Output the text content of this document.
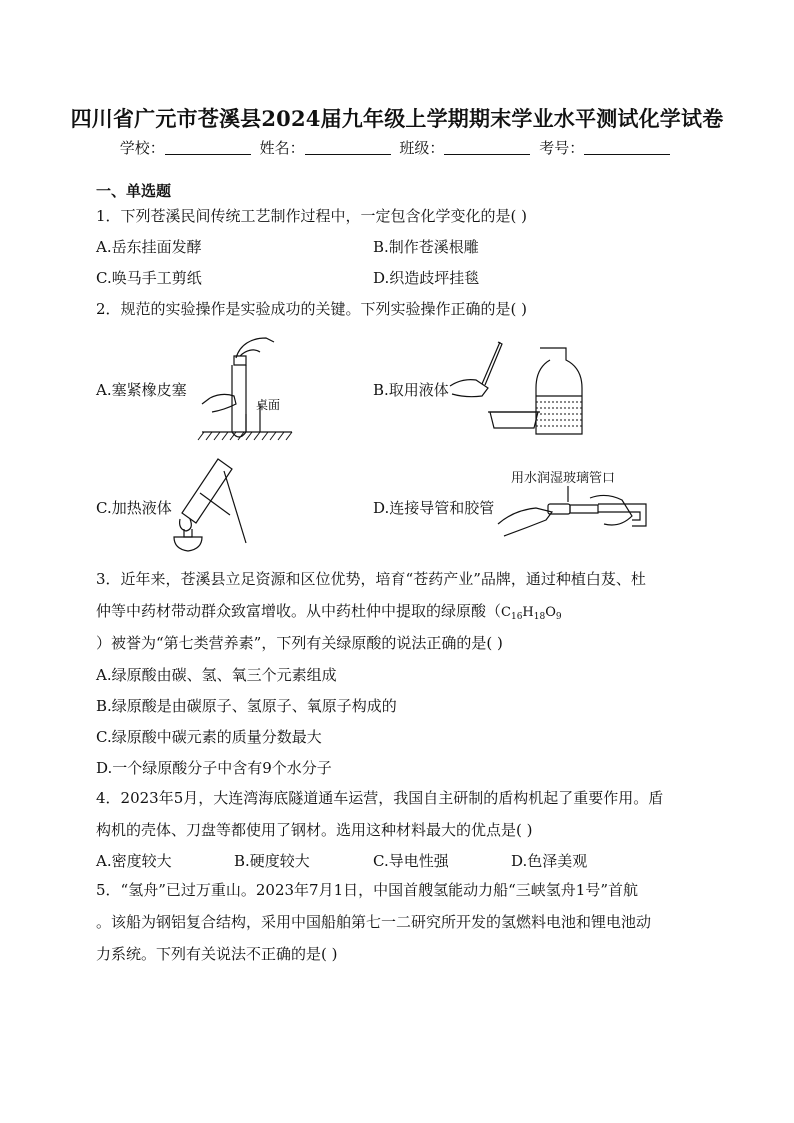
四川省广元市苍溪县2024届九年级上学期期末学业水平测试化学试卷
学校：	姓名：	班级：	考号：
一、单选题
1．下列苍溪民间传统工艺制作过程中，一定包含化学变化的是( )
A.岳东挂面发酵	B.制作苍溪根雕
C.唤马手工剪纸	D.织造歧坪挂毯
2．规范的实验操作是实验成功的关键。下列实验操作正确的是( )
A.塞紧橡皮塞
桌面
B.取用液体
C.加热液体	D.连接导管和胶管
用水润湿玻璃管口
3．近年来，苍溪县立足资源和区位优势，培育“苍药产业”品牌，通过种植白芨、杜
仲等中药材带动群众致富增收。从中药杜仲中提取的绿原酸（$C_{16}H_{18}O_9$
）被誉为“第七类营养素”，下列有关绿原酸的说法正确的是( )
A.绿原酸由碳、氢、氧三个元素组成
B.绿原酸是由碳原子、氢原子、氧原子构成的
C.绿原酸中碳元素的质量分数最大
D.一个绿原酸分子中含有9个水分子
4．2023年5月，大连湾海底隧道通车运营，我国自主研制的盾构机起了重要作用。盾
构机的壳体、刀盘等都使用了钢材。选用这种材料最大的优点是( )
A.密度较大	B.硬度较大	C.导电性强	D.色泽美观
5．“氢舟”已过万重山。2023年7月1日，中国首艘氢能动力船“三峡氢舟1号”首航
。该船为钢铝复合结构，采用中国船舶第七一二研究所开发的氢燃料电池和锂电池动
力系统。下列有关说法不正确的是( )
